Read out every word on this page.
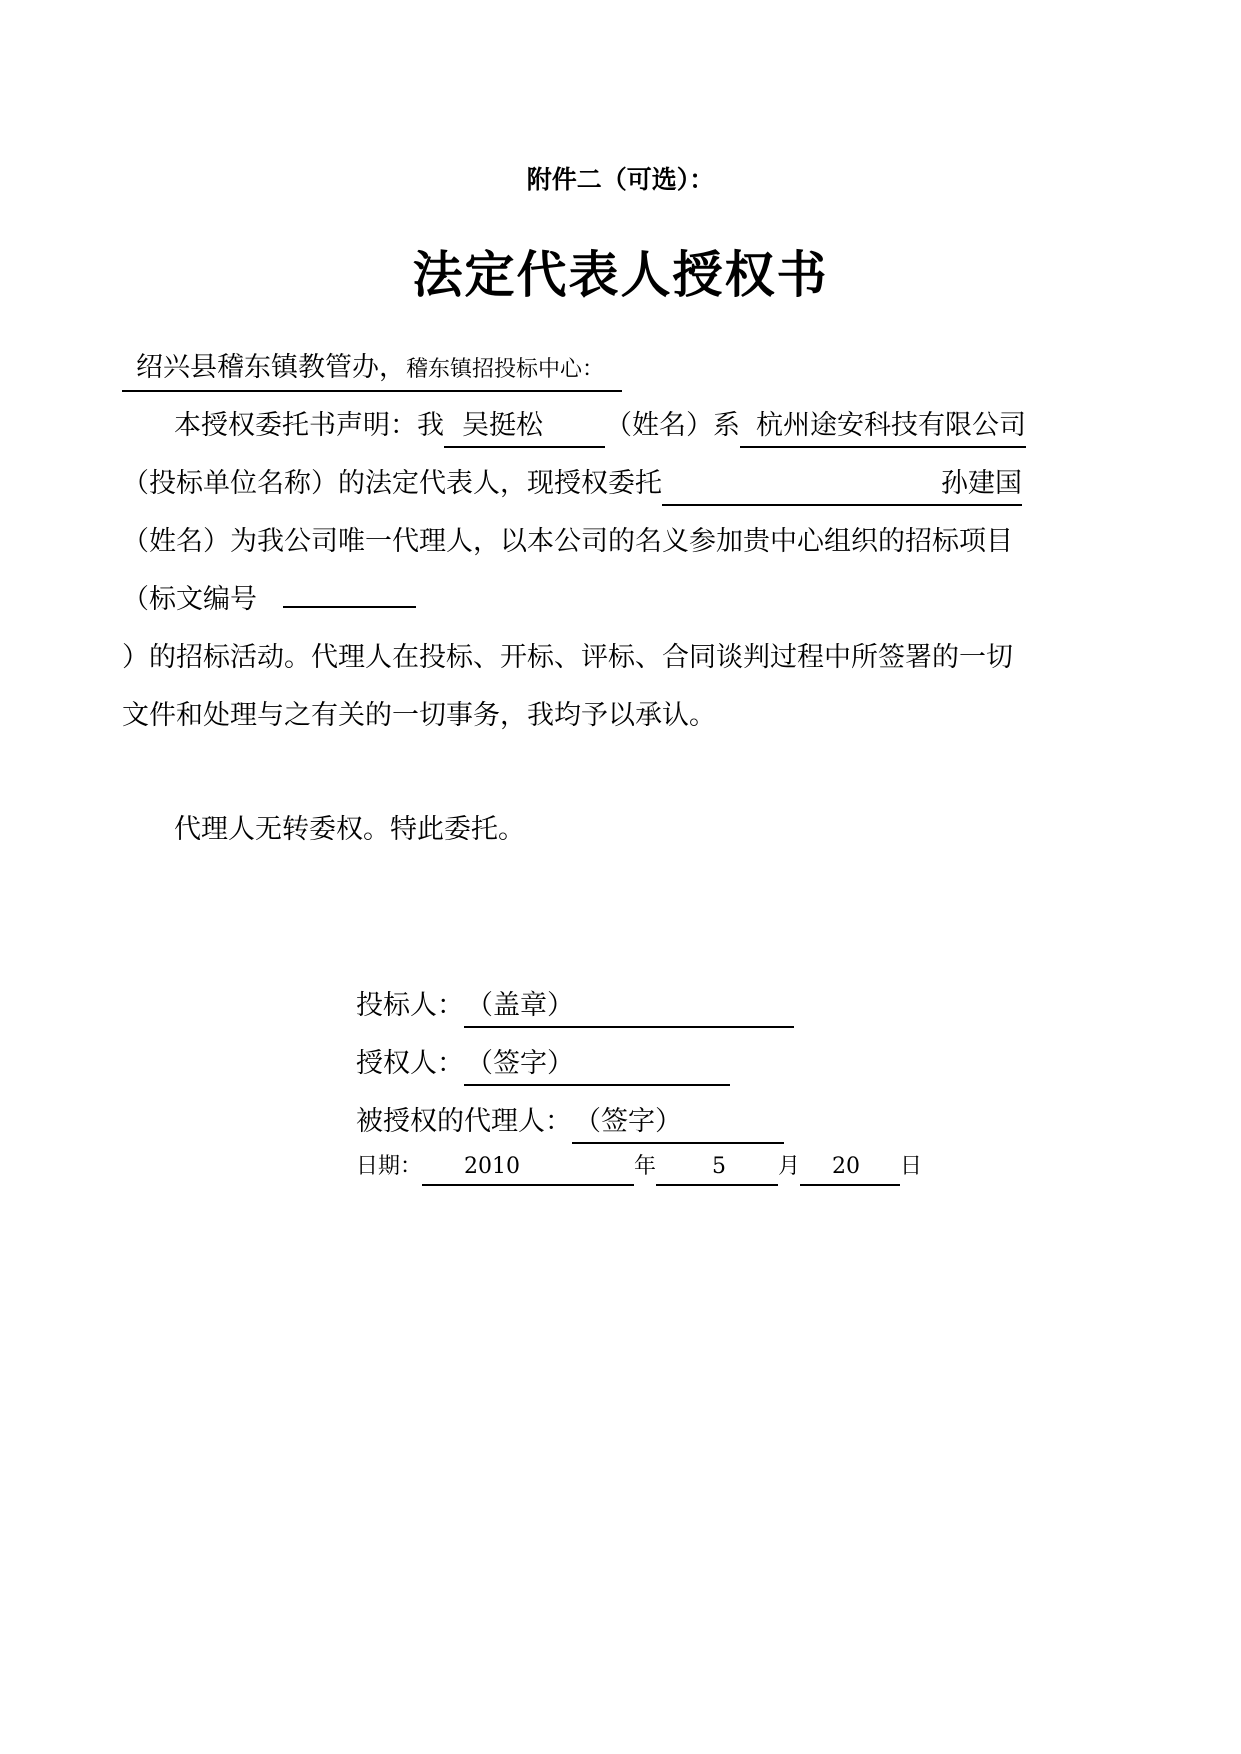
附件二（可选）：
法定代表人授权书
绍兴县稽东镇教管办，稽东镇招投标中心：
本授权委托书声明：我 吴挺松 （姓名）系 杭州途安科技有限公司
（投标单位名称）的法定代表人，现授权委托	孙建国
（姓名）为我公司唯一代理人，以本公司的名义参加贵中心组织的招标项目
（标文编号
）的招标活动。代理人在投标、开标、评标、合同谈判过程中所签署的一切
文件和处理与之有关的一切事务，我均予以承认。
代理人无转委权。特此委托。
投标人：（盖章）
授权人：（签字）
被授权的代理人：（签字）
日期： 2010	年	5 月 20 日
